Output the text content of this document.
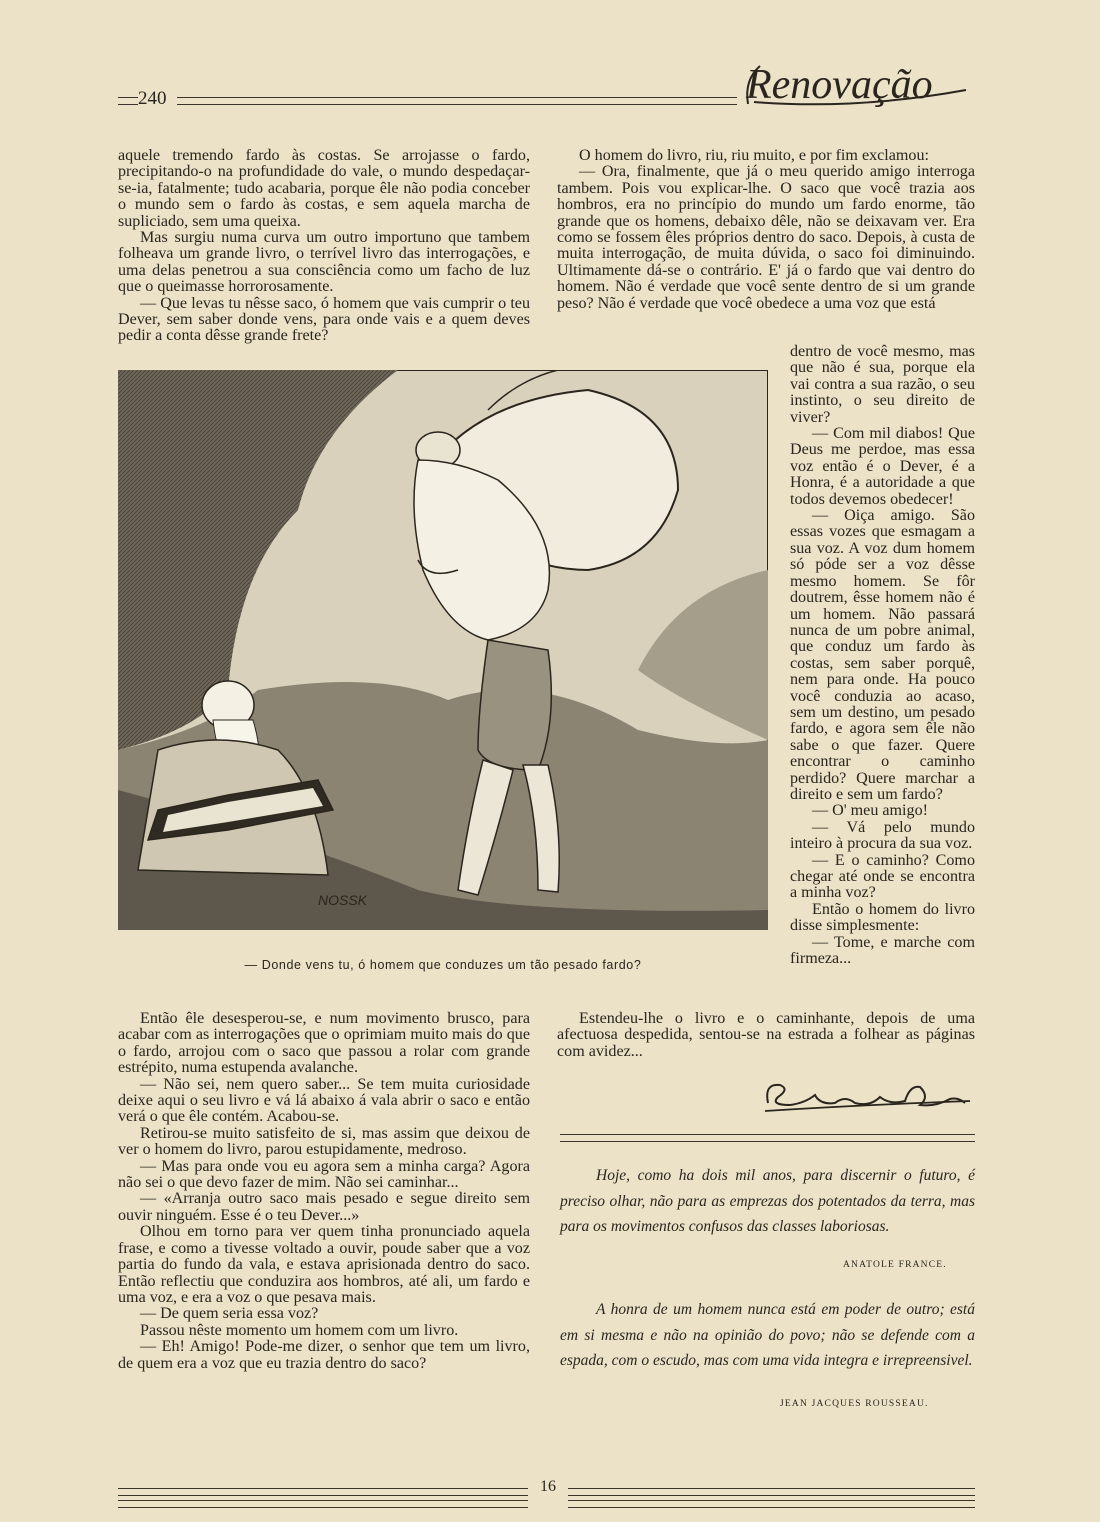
240	Renovação

aquele tremendo fardo às costas. Se arrojasse o fardo, precipitando-o na profundidade do vale, o mundo despedaçar-se-ia, fatalmente; tudo acabaria, porque êle não podia conceber o mundo sem o fardo às costas, e sem aquela marcha de supliciado, sem uma queixa.

Mas surgiu numa curva um outro importuno que tambem folheava um grande livro, o terrível livro das interrogações, e uma delas penetrou a sua consciência como um facho de luz que o queimasse horrorosamente.

— Que levas tu nêsse saco, ó homem que vais cumprir o teu Dever, sem saber donde vens, para onde vais e a quem deves pedir a conta dêsse grande frete?

O homem do livro, riu, riu muito, e por fim exclamou:

— Ora, finalmente, que já o meu querido amigo interroga tambem. Pois vou explicar-lhe. O saco que você trazia aos hombros, era no princípio do mundo um fardo enorme, tão grande que os homens, debaixo dêle, não se deixavam ver. Era como se fossem êles próprios dentro do saco. Depois, à custa de muita interrogação, de muita dúvida, o saco foi diminuindo. Ultimamente dá-se o contrário. E' já o fardo que vai dentro do homem. Não é verdade que você sente dentro de si um grande peso? Não é verdade que você obedece a uma voz que está

dentro de você mesmo, mas que não é sua, porque ela vai contra a sua razão, o seu instinto, o seu direito de viver?

— Com mil diabos! Que Deus me perdoe, mas essa voz então é o Dever, é a Honra, é a autoridade a que todos devemos obedecer!

— Oiça amigo. São essas vozes que esmagam a sua voz. A voz dum homem só póde ser a voz dêsse mesmo homem. Se fôr doutrem, êsse homem não é um homem. Não passará nunca de um pobre animal, que conduz um fardo às costas, sem saber porquê, nem para onde. Ha pouco você conduzia ao acaso, sem um destino, um pesado fardo, e agora sem êle não sabe o que fazer. Quere encontrar o caminho perdido? Quere marchar a direito e sem um fardo?

— O' meu amigo!

— Vá pelo mundo inteiro à procura da sua voz.

— E o caminho? Como chegar até onde se encontra a minha voz?

Então o homem do livro disse simplesmente:

— Tome, e marche com firmeza...

NOSSK
— Donde vens tu, ó homem que conduzes um tão pesado fardo?

Então êle desesperou-se, e num movimento brusco, para acabar com as interrogações que o oprimiam muito mais do que o fardo, arrojou com o saco que passou a rolar com grande estrépito, numa estupenda avalanche.

— Não sei, nem quero saber... Se tem muita curiosidade deixe aqui o seu livro e vá lá abaixo á vala abrir o saco e então verá o que êle contém. Acabou-se.

Retirou-se muito satisfeito de si, mas assim que deixou de ver o homem do livro, parou estupidamente, medroso.

— Mas para onde vou eu agora sem a minha carga? Agora não sei o que devo fazer de mim. Não sei caminhar...

— «Arranja outro saco mais pesado e segue direito sem ouvir ninguém. Esse é o teu Dever...»

Olhou em torno para ver quem tinha pronunciado aquela frase, e como a tivesse voltado a ouvir, poude saber que a voz partia do fundo da vala, e estava aprisionada dentro do saco. Então reflectiu que conduzira aos hombros, até ali, um fardo e uma voz, e era a voz o que pesava mais.

— De quem seria essa voz?

Passou nêste momento um homem com um livro.

— Eh! Amigo! Pode-me dizer, o senhor que tem um livro, de quem era a voz que eu trazia dentro do saco?

Estendeu-lhe o livro e o caminhante, depois de uma afectuosa despedida, sentou-se na estrada a folhear as páginas com avidez...

Hoje, como ha dois mil anos, para discernir o futuro, é preciso olhar, não para as emprezas dos potentados da terra, mas para os movimentos confusos das classes laboriosas.

ANATOLE FRANCE.

A honra de um homem nunca está em poder de outro; está em si mesma e não na opinião do povo; não se defende com a espada, com o escudo, mas com uma vida integra e irrepreensivel.

JEAN JACQUES ROUSSEAU.
16
